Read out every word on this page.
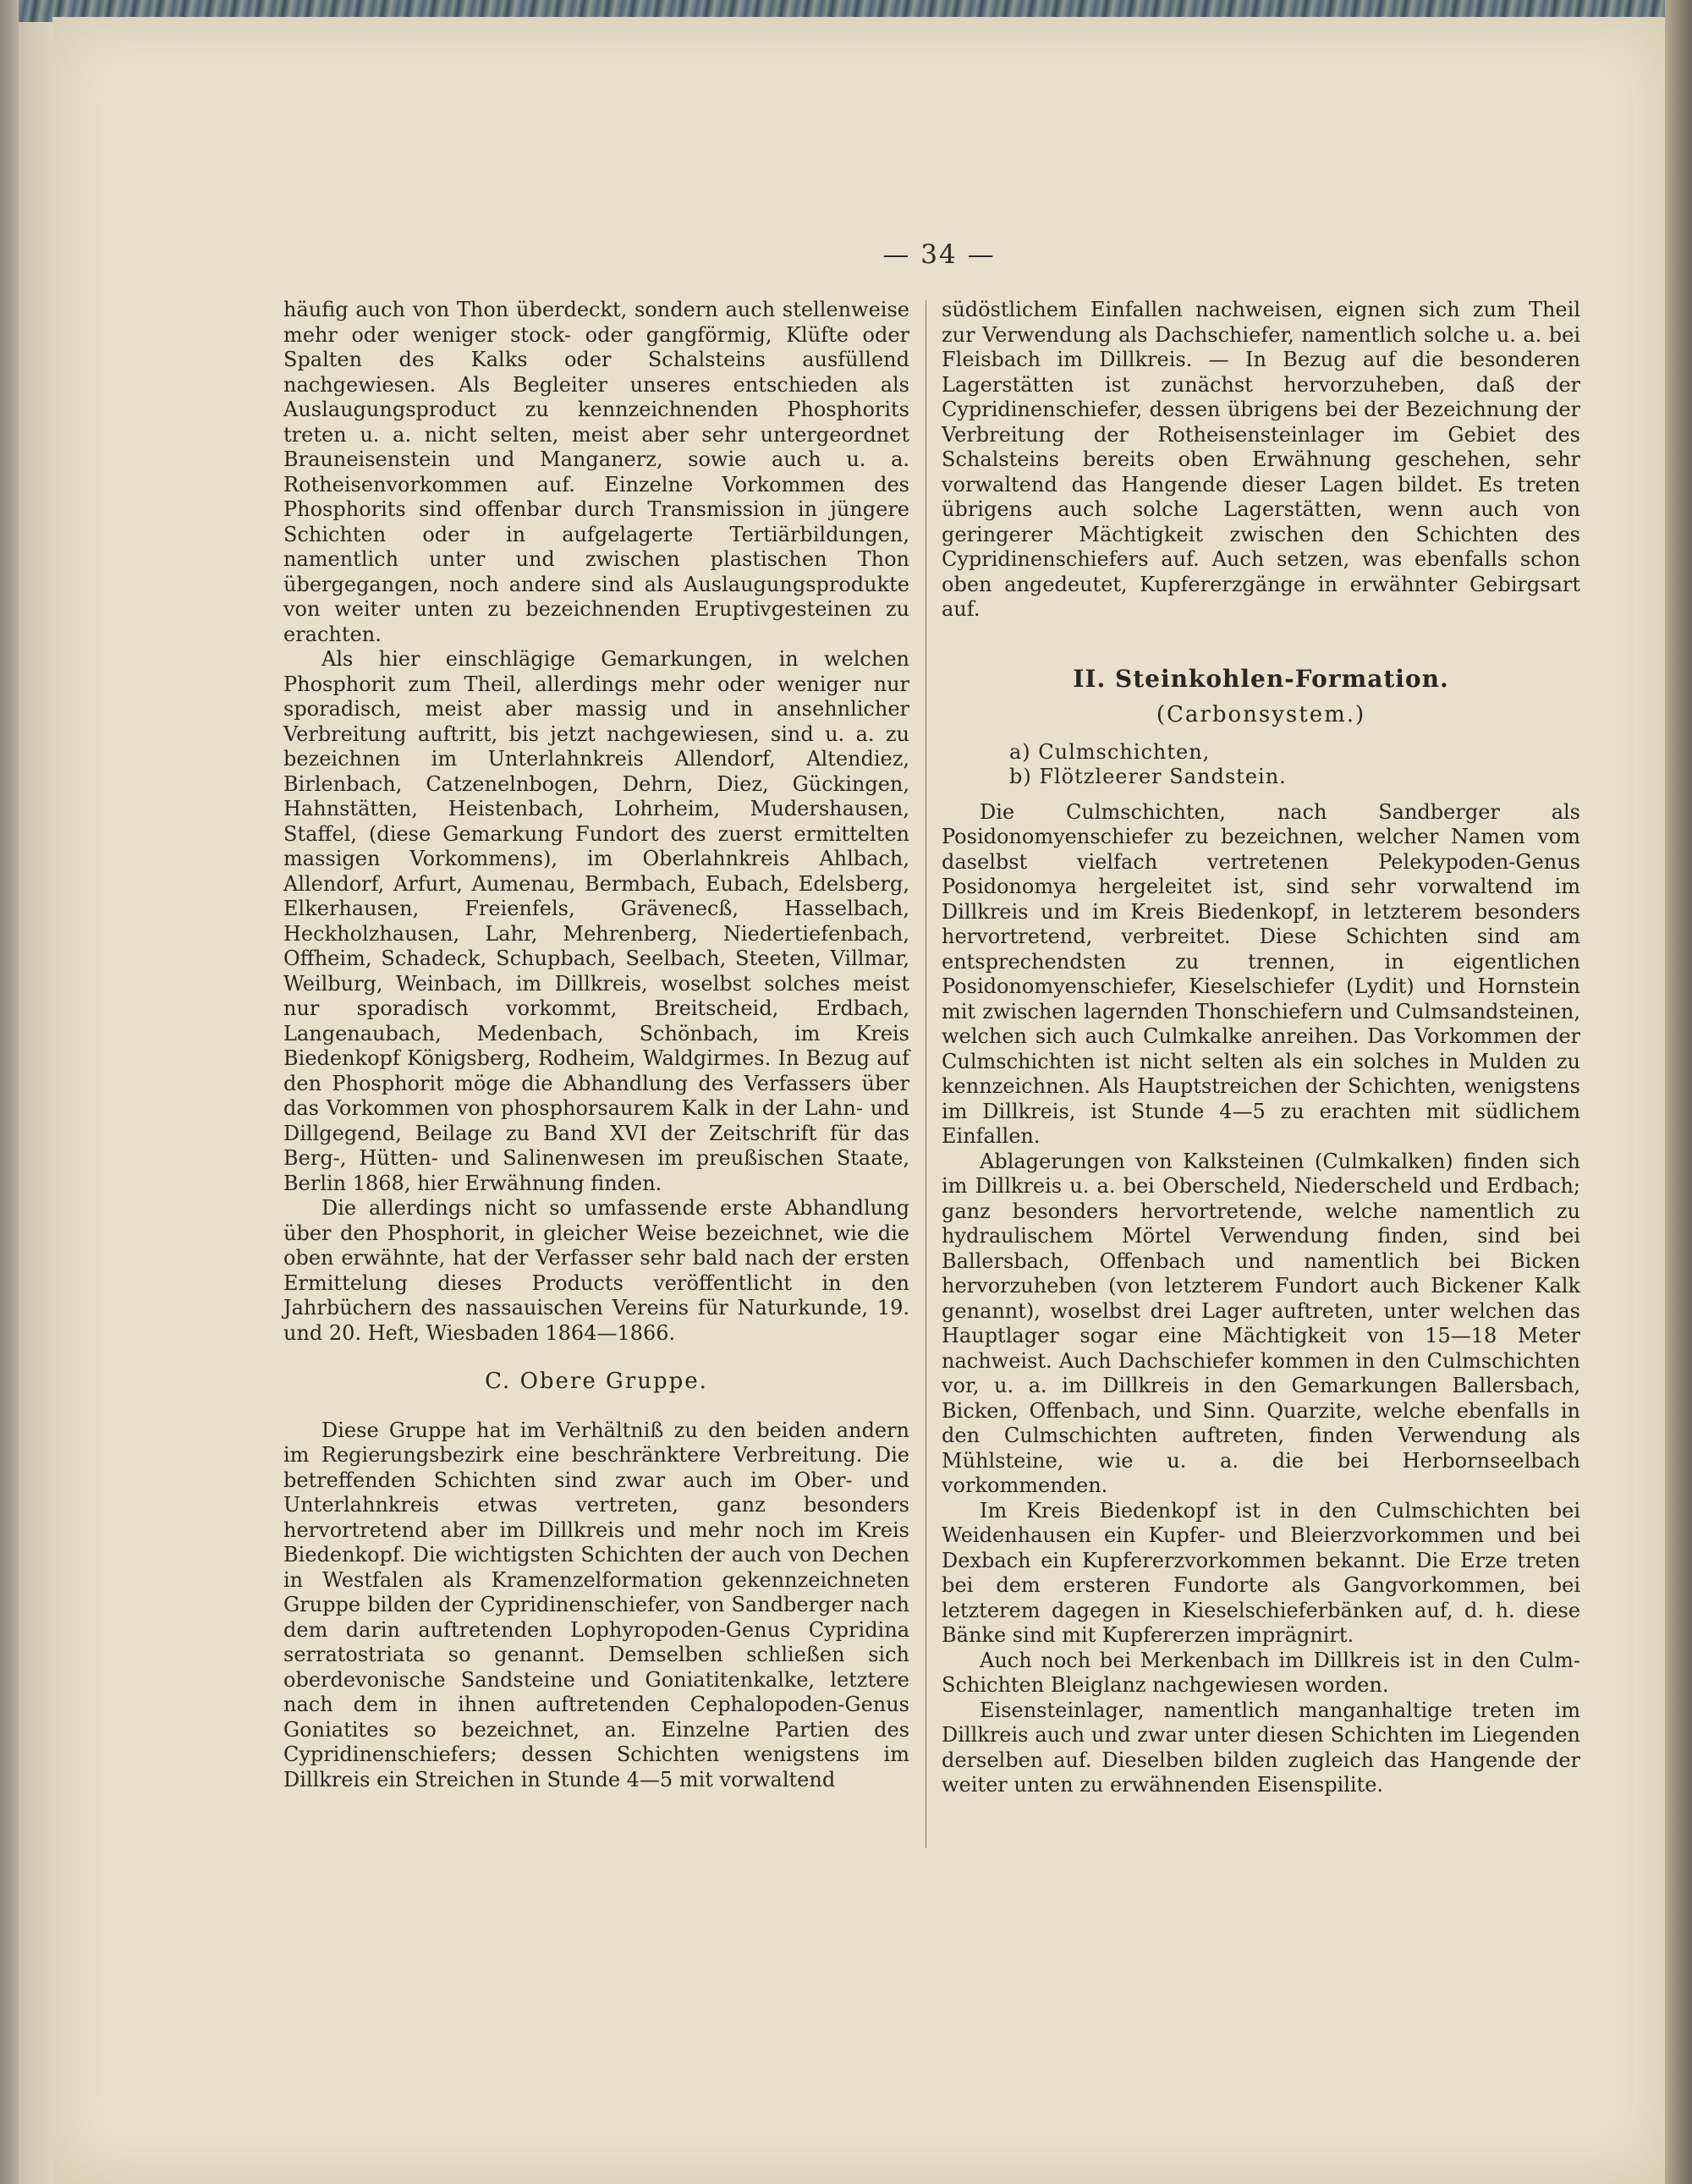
— 34 —

häufig auch von Thon überdeckt, sondern auch stellenweise mehr oder weniger stock- oder gangförmig, Klüfte oder Spalten des Kalks oder Schalsteins ausfüllend nachgewiesen. Als Begleiter unseres entschieden als Auslaugungsproduct zu kennzeichnenden Phosphorits treten u. a. nicht selten, meist aber sehr untergeordnet Brauneisenstein und Manganerz, sowie auch u. a. Rotheisenvorkommen auf. Einzelne Vorkommen des Phosphorits sind offenbar durch Transmission in jüngere Schichten oder in aufgelagerte Tertiärbildungen, namentlich unter und zwischen plastischen Thon übergegangen, noch andere sind als Auslaugungsprodukte von weiter unten zu bezeichnenden Eruptivgesteinen zu erachten.

Als hier einschlägige Gemarkungen, in welchen Phosphorit zum Theil, allerdings mehr oder weniger nur sporadisch, meist aber massig und in ansehnlicher Verbreitung auftritt, bis jetzt nachgewiesen, sind u. a. zu bezeichnen im Unterlahnkreis Allendorf, Altendiez, Birlenbach, Catzenelnbogen, Dehrn, Diez, Gückingen, Hahnstätten, Heistenbach, Lohrheim, Mudershausen, Staffel, (diese Gemarkung Fundort des zuerst ermittelten massigen Vorkommens), im Oberlahnkreis Ahlbach, Allendorf, Arfurt, Aumenau, Bermbach, Eubach, Edelsberg, Elkerhausen, Freienfels, Grävenecß, Hasselbach, Heckholzhausen, Lahr, Mehrenberg, Niedertiefenbach, Offheim, Schadeck, Schupbach, Seelbach, Steeten, Villmar, Weilburg, Weinbach, im Dillkreis, woselbst solches meist nur sporadisch vorkommt, Breitscheid, Erdbach, Langenaubach, Medenbach, Schönbach, im Kreis Biedenkopf Königsberg, Rodheim, Waldgirmes. In Bezug auf den Phosphorit möge die Abhandlung des Verfassers über das Vorkommen von phosphorsaurem Kalk in der Lahn- und Dillgegend, Beilage zu Band XVI der Zeitschrift für das Berg-, Hütten- und Salinenwesen im preußischen Staate, Berlin 1868, hier Erwähnung finden.

Die allerdings nicht so umfassende erste Abhandlung über den Phosphorit, in gleicher Weise bezeichnet, wie die oben erwähnte, hat der Verfasser sehr bald nach der ersten Ermittelung dieses Products veröffentlicht in den Jahrbüchern des nassauischen Vereins für Naturkunde, 19. und 20. Heft, Wiesbaden 1864—1866.

C. Obere Gruppe.

Diese Gruppe hat im Verhältniß zu den beiden andern im Regierungsbezirk eine beschränktere Verbreitung. Die betreffenden Schichten sind zwar auch im Ober- und Unterlahnkreis etwas vertreten, ganz besonders hervortretend aber im Dillkreis und mehr noch im Kreis Biedenkopf. Die wichtigsten Schichten der auch von Dechen in Westfalen als Kramenzelformation gekennzeichneten Gruppe bilden der Cypridinenschiefer, von Sandberger nach dem darin auftretenden Lophyropoden-Genus Cypridina serratostriata so genannt. Demselben schließen sich oberdevonische Sandsteine und Goniatitenkalke, letztere nach dem in ihnen auftretenden Cephalopoden-Genus Goniatites so bezeichnet, an. Einzelne Partien des Cypridinenschiefers; dessen Schichten wenigstens im Dillkreis ein Streichen in Stunde 4—5 mit vorwaltend

südöstlichem Einfallen nachweisen, eignen sich zum Theil zur Verwendung als Dachschiefer, namentlich solche u. a. bei Fleisbach im Dillkreis. — In Bezug auf die besonderen Lagerstätten ist zunächst hervorzuheben, daß der Cypridinenschiefer, dessen übrigens bei der Bezeichnung der Verbreitung der Rotheisensteinlager im Gebiet des Schalsteins bereits oben Erwähnung geschehen, sehr vorwaltend das Hangende dieser Lagen bildet. Es treten übrigens auch solche Lagerstätten, wenn auch von geringerer Mächtigkeit zwischen den Schichten des Cypridinenschiefers auf. Auch setzen, was ebenfalls schon oben angedeutet, Kupfererzgänge in erwähnter Gebirgsart auf.

II. Steinkohlen-Formation.

(Carbonsystem.)

a) Culmschichten,

b) Flötzleerer Sandstein.

Die Culmschichten, nach Sandberger als Posidonomyenschiefer zu bezeichnen, welcher Namen vom daselbst vielfach vertretenen Pelekypoden-Genus Posidonomya hergeleitet ist, sind sehr vorwaltend im Dillkreis und im Kreis Biedenkopf, in letzterem besonders hervortretend, verbreitet. Diese Schichten sind am entsprechendsten zu trennen, in eigentlichen Posidonomyenschiefer, Kieselschiefer (Lydit) und Hornstein mit zwischen lagernden Thonschiefern und Culmsandsteinen, welchen sich auch Culmkalke anreihen. Das Vorkommen der Culmschichten ist nicht selten als ein solches in Mulden zu kennzeichnen. Als Hauptstreichen der Schichten, wenigstens im Dillkreis, ist Stunde 4—5 zu erachten mit südlichem Einfallen.

Ablagerungen von Kalksteinen (Culmkalken) finden sich im Dillkreis u. a. bei Oberscheld, Niederscheld und Erdbach; ganz besonders hervortretende, welche namentlich zu hydraulischem Mörtel Verwendung finden, sind bei Ballersbach, Offenbach und namentlich bei Bicken hervorzuheben (von letzterem Fundort auch Bickener Kalk genannt), woselbst drei Lager auftreten, unter welchen das Hauptlager sogar eine Mächtigkeit von 15—18 Meter nachweist. Auch Dachschiefer kommen in den Culmschichten vor, u. a. im Dillkreis in den Gemarkungen Ballersbach, Bicken, Offenbach, und Sinn. Quarzite, welche ebenfalls in den Culmschichten auftreten, finden Verwendung als Mühlsteine, wie u. a. die bei Herbornseelbach vorkommenden.

Im Kreis Biedenkopf ist in den Culmschichten bei Weidenhausen ein Kupfer- und Bleierzvorkommen und bei Dexbach ein Kupfererzvorkommen bekannt. Die Erze treten bei dem ersteren Fundorte als Gangvorkommen, bei letzterem dagegen in Kieselschieferbänken auf, d. h. diese Bänke sind mit Kupfererzen imprägnirt.

Auch noch bei Merkenbach im Dillkreis ist in den Culm-Schichten Bleiglanz nachgewiesen worden.

Eisensteinlager, namentlich manganhaltige treten im Dillkreis auch und zwar unter diesen Schichten im Liegenden derselben auf. Dieselben bilden zugleich das Hangende der weiter unten zu erwähnenden Eisenspilite.
